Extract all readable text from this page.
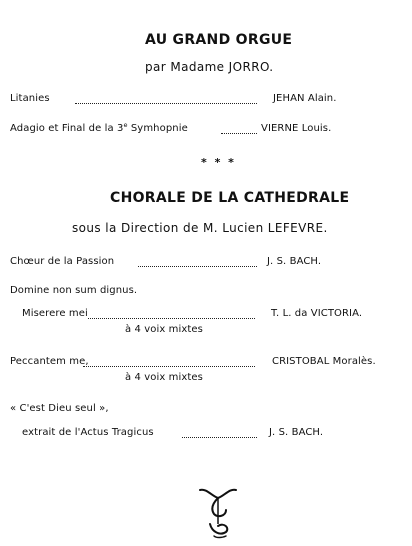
AU GRAND ORGUE
par Madame JORRO.
Litanies	JEHAN Alain.
Adagio et Final de la 3e Symhopnie	VIERNE Louis.
* * *
CHORALE DE LA CATHEDRALE
sous la Direction de M. Lucien LEFEVRE.
Chœur de la Passion	J. S. BACH.
Domine non sum dignus.
Miserere mei	T. L. da VICTORIA.
à 4 voix mixtes
Peccantem me,	CRISTOBAL Moralès.
à 4 voix mixtes
« C'est Dieu seul »,
extrait de l'Actus Tragicus	J. S. BACH.
